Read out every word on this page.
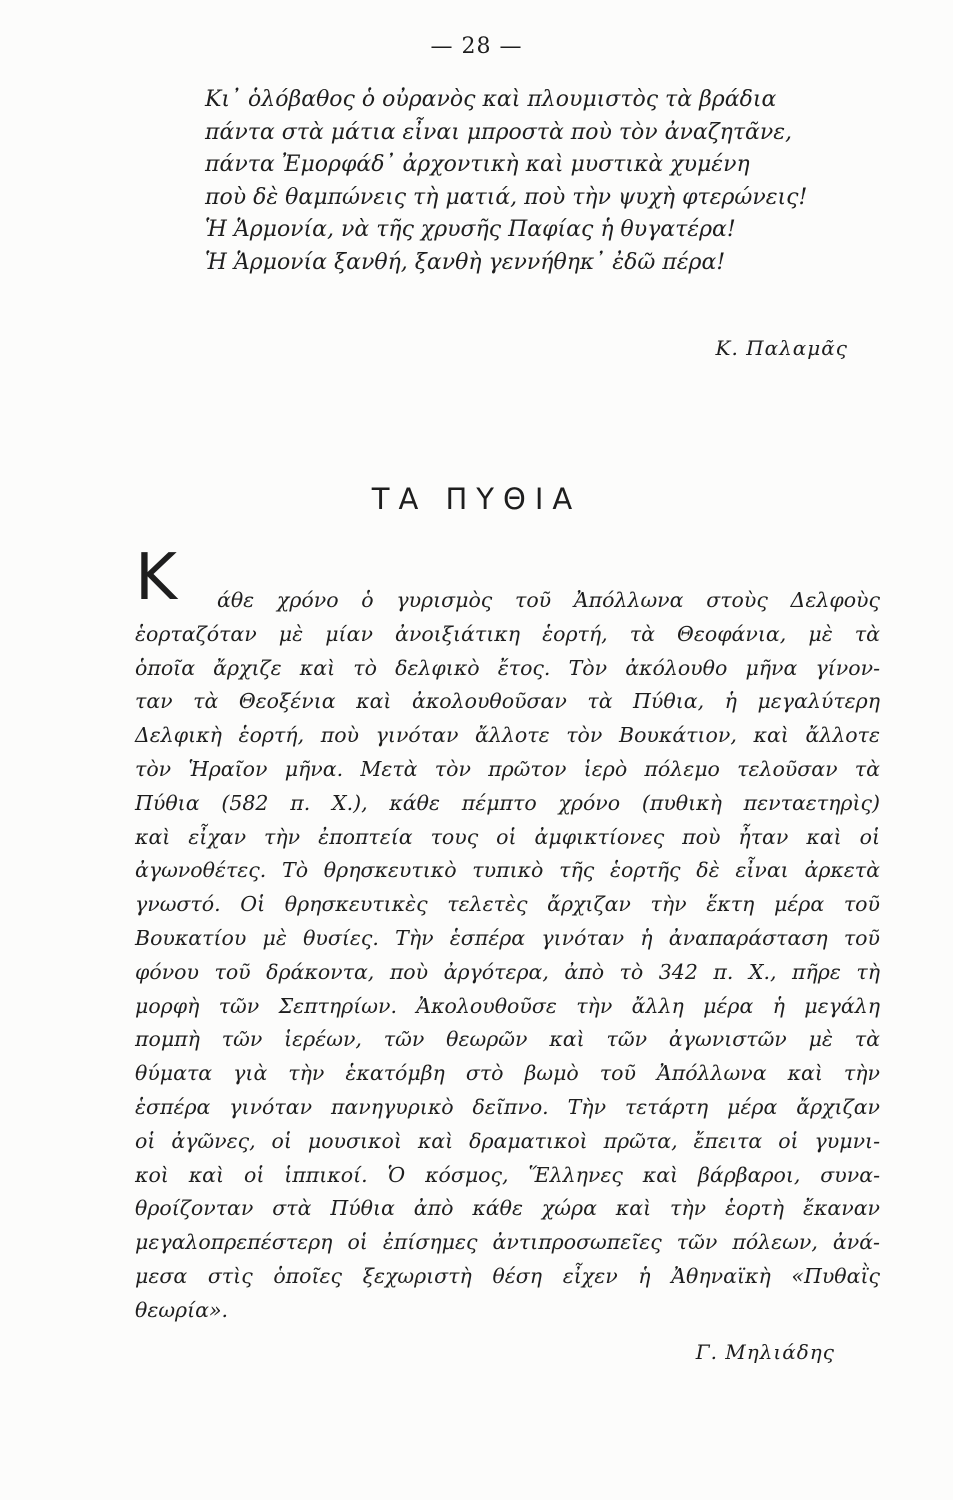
— 28 —
Κι᾿ ὁλόβαθος ὁ οὐρανὸς καὶ πλουμιστὸς τὰ βράδια
πάντα στὰ μάτια εἶναι μπροστὰ ποὺ τὸν ἀναζητᾶνε,
πάντα Ἐμορφάδ᾿ ἀρχοντικὴ καὶ μυστικὰ χυμένη
ποὺ δὲ θαμπώνεις τὴ ματιά, ποὺ τὴν ψυχὴ φτερώνεις!
Ἡ Ἁρμονία, νὰ τῆς χρυσῆς Παφίας ἡ θυγατέρα!
Ἡ Ἁρμονία ξανθή, ξανθὴ γεννήθηκ᾿ ἐδῶ πέρα!
Κ. Παλαμᾶς
ΤΑ ΠΥΘΙΑ
Κ	άθε χρόνο ὁ γυρισμὸς τοῦ Ἀπόλλωνα στοὺς Δελφοὺς
ἑορταζόταν μὲ μίαν ἀνοιξιάτικη ἑορτή, τὰ Θεοφάνια, μὲ τὰ
ὁποῖα ἄρχιζε καὶ τὸ δελφικὸ ἔτος. Τὸν ἀκόλουθο μῆνα γίνον-
ταν τὰ Θεοξένια καὶ ἀκολουθοῦσαν τὰ Πύθια, ἡ μεγαλύτερη
Δελφικὴ ἑορτή, ποὺ γινόταν ἄλλοτε τὸν Βουκάτιον, καὶ ἄλλοτε
τὸν Ἡραῖον μῆνα. Μετὰ τὸν πρῶτον ἱερὸ πόλεμο τελοῦσαν τὰ
Πύθια (582 π. Χ.), κάθε πέμπτο χρόνο (πυθικὴ πενταετηρὶς)
καὶ εἶχαν τὴν ἐποπτεία τους οἱ ἀμφικτίονες ποὺ ἦταν καὶ οἱ
ἀγωνοθέτες. Τὸ θρησκευτικὸ τυπικὸ τῆς ἑορτῆς δὲ εἶναι ἀρκετὰ
γνωστό. Οἱ θρησκευτικὲς τελετὲς ἄρχιζαν τὴν ἕκτη μέρα τοῦ
Βουκατίου μὲ θυσίες. Τὴν ἑσπέρα γινόταν ἡ ἀναπαράσταση τοῦ
φόνου τοῦ δράκοντα, ποὺ ἀργότερα, ἀπὸ τὸ 342 π. Χ., πῆρε τὴ
μορφὴ τῶν Σεπτηρίων. Ἀκολουθοῦσε τὴν ἄλλη μέρα ἡ μεγάλη
πομπὴ τῶν ἱερέων, τῶν θεωρῶν καὶ τῶν ἀγωνιστῶν μὲ τὰ
θύματα γιὰ τὴν ἑκατόμβη στὸ βωμὸ τοῦ Ἀπόλλωνα καὶ τὴν
ἑσπέρα γινόταν πανηγυρικὸ δεῖπνο. Τὴν τετάρτη μέρα ἄρχιζαν
οἱ ἀγῶνες, οἱ μουσικοὶ καὶ δραματικοὶ πρῶτα, ἔπειτα οἱ γυμνι-
κοὶ καὶ οἱ ἱππικοί. Ὁ κόσμος, Ἕλληνες καὶ βάρβαροι, συνα-
θροίζονταν στὰ Πύθια ἀπὸ κάθε χώρα καὶ τὴν ἑορτὴ ἔκαναν
μεγαλοπρεπέστερη οἱ ἐπίσημες ἀντιπροσωπεῖες τῶν πόλεων, ἀνά-
μεσα στὶς ὁποῖες ξεχωριστὴ θέση εἶχεν ἡ Ἀθηναϊκὴ «Πυθαῒς
θεωρία».
Γ. Μηλιάδης
